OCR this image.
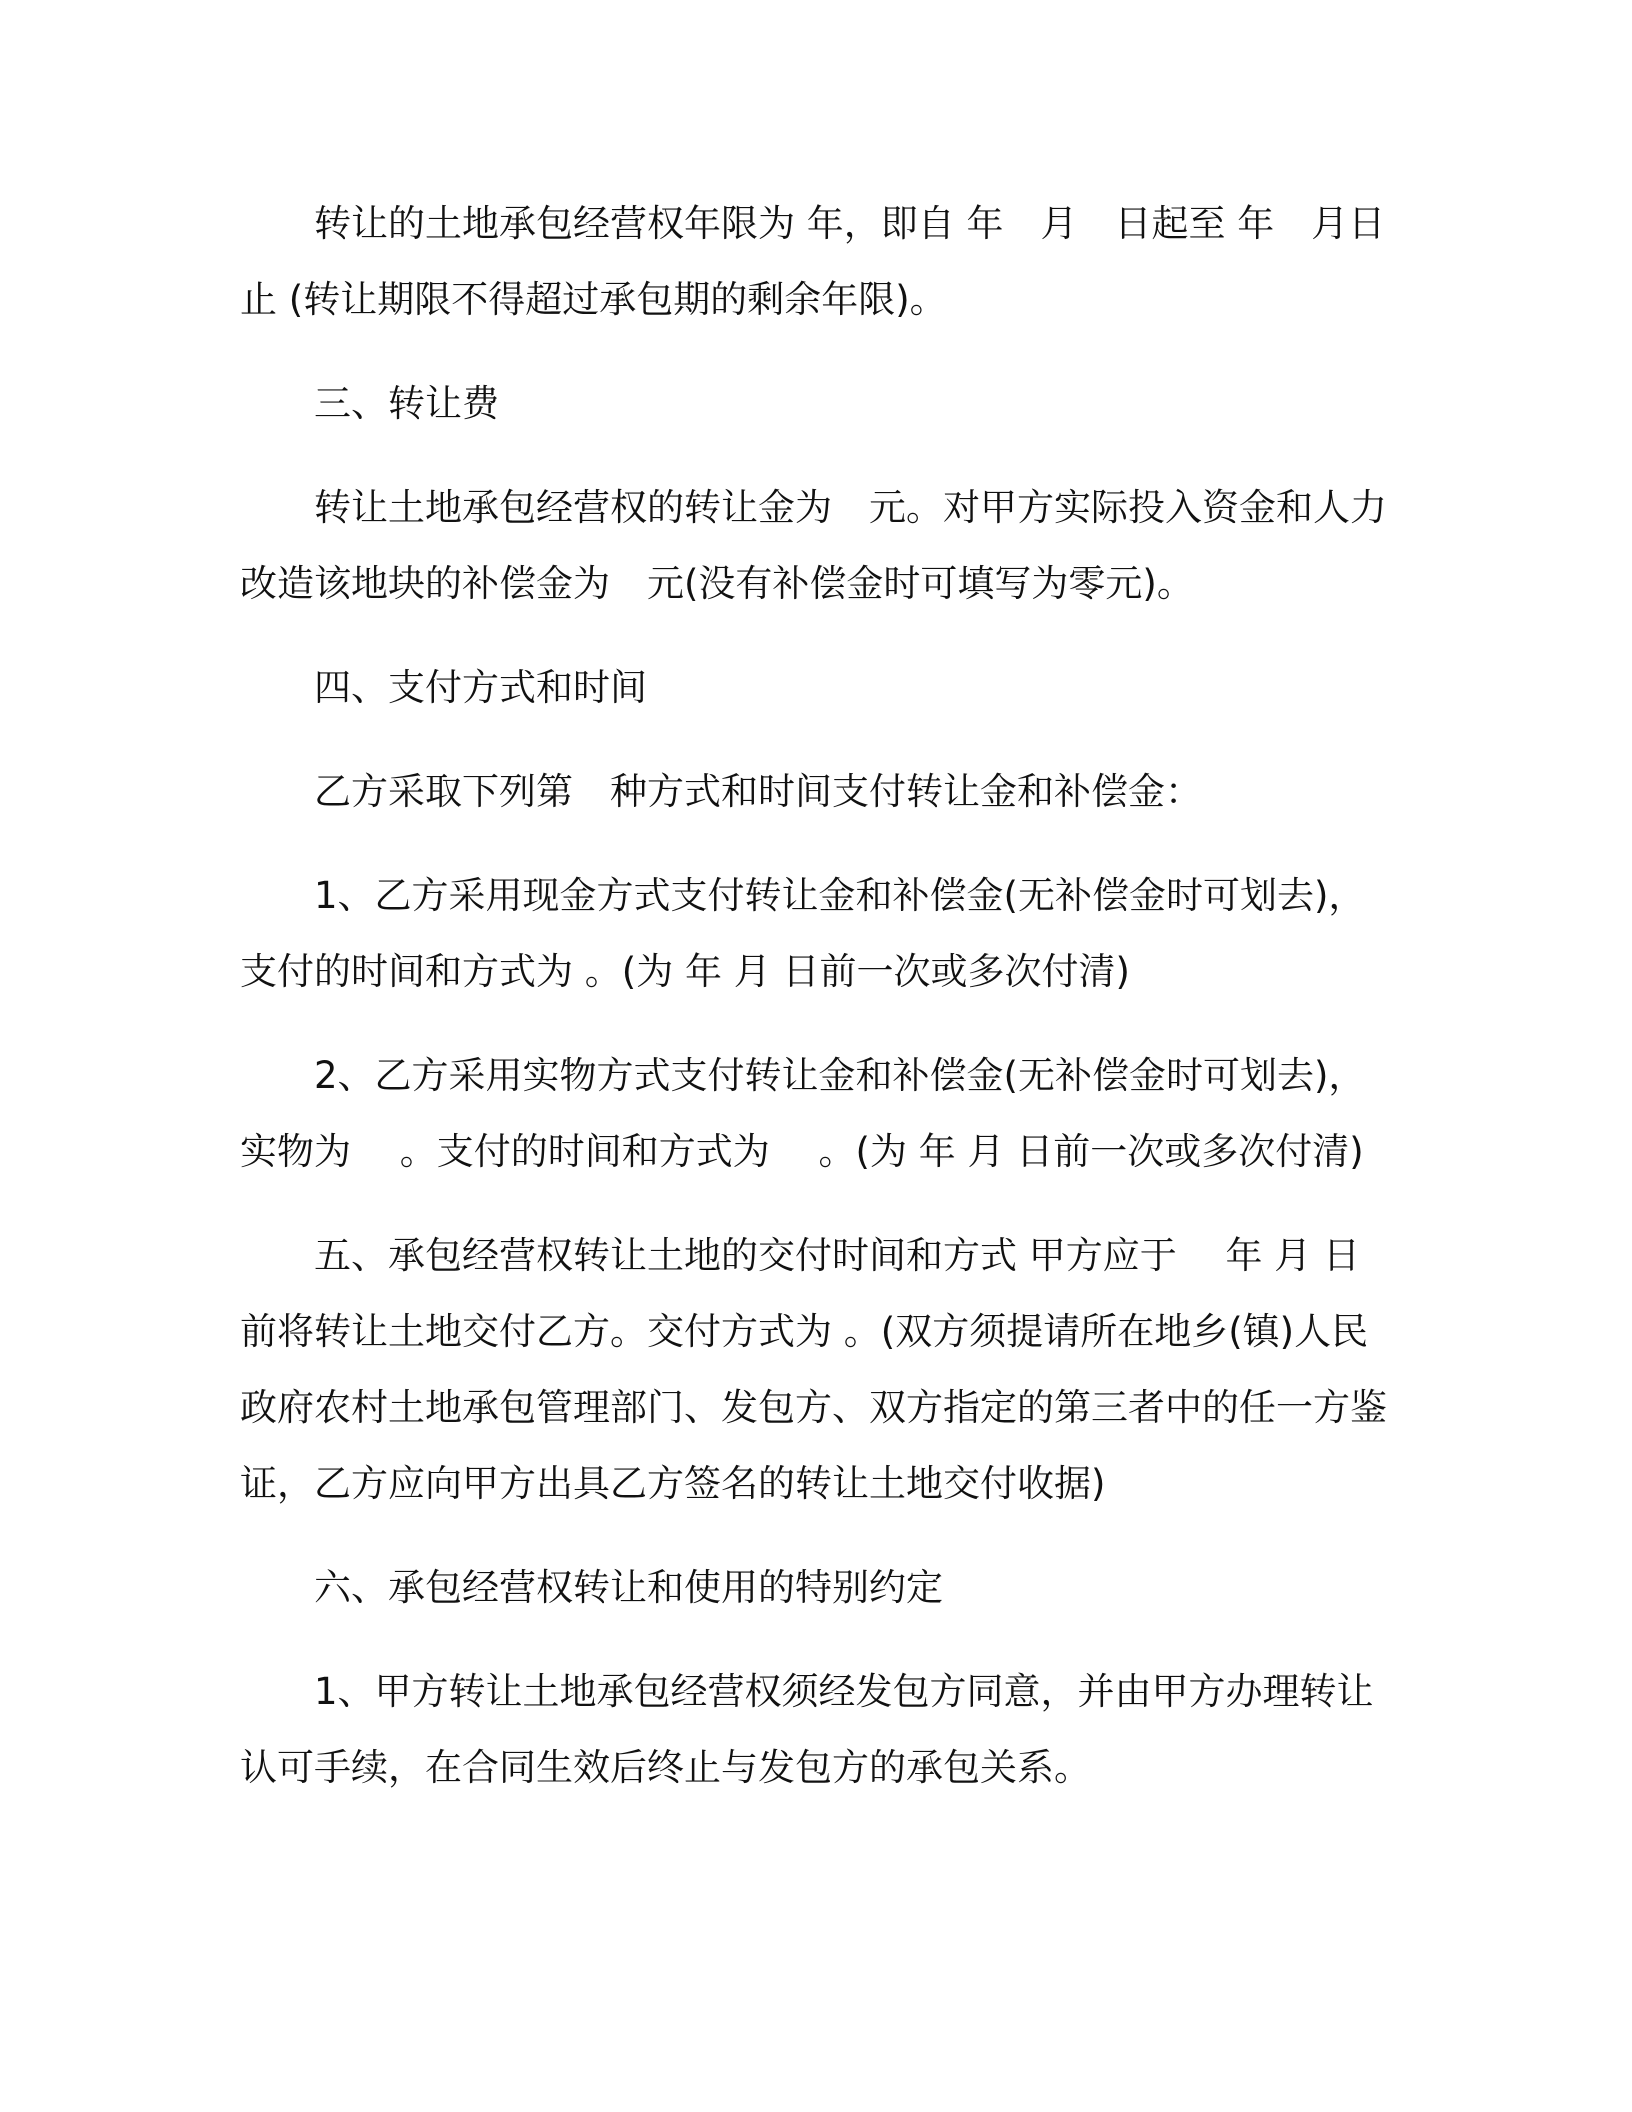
转让的土地承包经营权年限为 年，即自 年　月　日起至 年　月日止 (转让期限不得超过承包期的剩余年限)。

三、转让费

转让土地承包经营权的转让金为　元。对甲方实际投入资金和人力改造该地块的补偿金为　元(没有补偿金时可填写为零元)。

四、支付方式和时间

乙方采取下列第　种方式和时间支付转让金和补偿金：

1、乙方采用现金方式支付转让金和补偿金(无补偿金时可划去)，支付的时间和方式为 。(为 年 月 日前一次或多次付清)

2、乙方采用实物方式支付转让金和补偿金(无补偿金时可划去)，实物为　 。支付的时间和方式为　 。(为 年 月 日前一次或多次付清)

五、承包经营权转让土地的交付时间和方式 甲方应于　 年 月 日前将转让土地交付乙方。交付方式为 。(双方须提请所在地乡(镇)人民政府农村土地承包管理部门、发包方、双方指定的第三者中的任一方鉴证，乙方应向甲方出具乙方签名的转让土地交付收据)

六、承包经营权转让和使用的特别约定

1、甲方转让土地承包经营权须经发包方同意，并由甲方办理转让认可手续，在合同生效后终止与发包方的承包关系。
